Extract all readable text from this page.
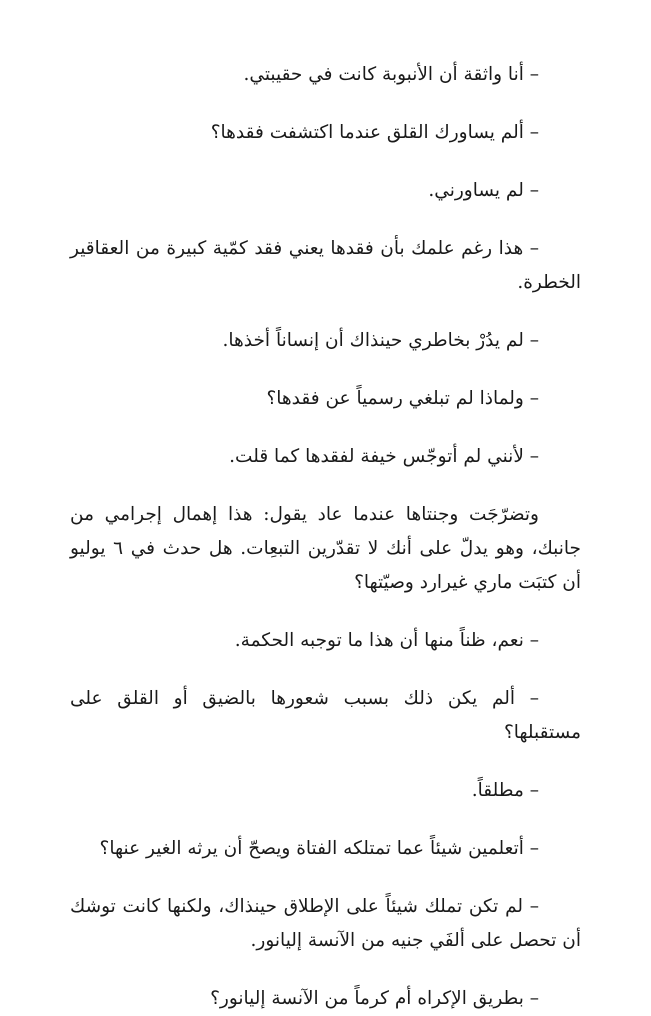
– أنا واثقة أن الأنبوبة كانت في حقيبتي.

– ألم يساورك القلق عندما اكتشفت فقدها؟

– لم يساورني.

– هذا رغم علمك بأن فقدها يعني فقد كمّية كبيرة من العقاقير الخطرة.

– لم يدُرْ بخاطري حينذاك أن إنساناً أخذها.

– ولماذا لم تبلغي رسمياً عن فقدها؟

– لأنني لم أتوجّس خيفة لفقدها كما قلت.

وتضرّجَت وجنتاها عندما عاد يقول: هذا إهمال إجرامي من جانبك، وهو يدلّ على أنك لا تقدّرين التبعِات. هل حدث في ٦ يوليو أن كتبَت ماري غيرارد وصيّتها؟

– نعم، ظناً منها أن هذا ما توجبه الحكمة.

– ألم يكن ذلك بسبب شعورها بالضيق أو القلق على مستقبلها؟

– مطلقاً.

– أتعلمين شيئاً عما تمتلكه الفتاة ويصحّ أن يرثه الغير عنها؟

– لم تكن تملك شيئاً على الإطلاق حينذاك، ولكنها كانت توشك أن تحصل على ألفَي جنيه من الآنسة إليانور.

– بطريق الإكراه أم كرماً من الآنسة إليانور؟
